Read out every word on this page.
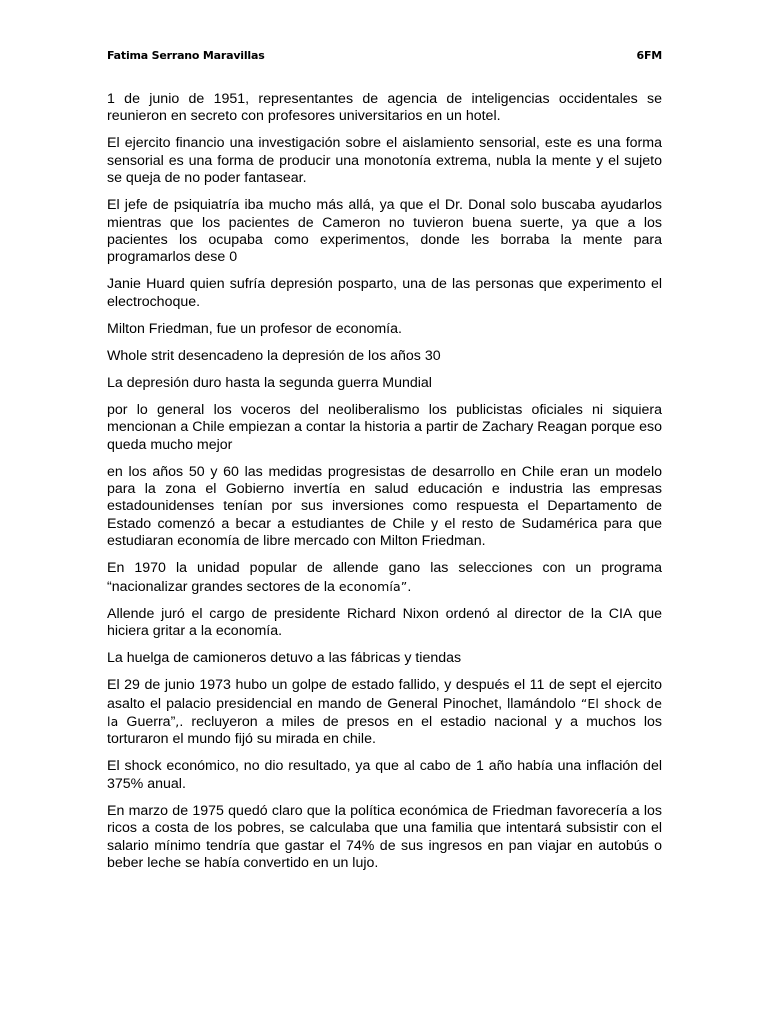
Fatima Serrano Maravillas	6FM

1 de junio de 1951, representantes de agencia de inteligencias occidentales se reunieron en secreto con profesores universitarios en un hotel.

El ejercito financio una investigación sobre el aislamiento sensorial, este es una forma sensorial es una forma de producir una monotonía extrema, nubla la mente y el sujeto se queja de no poder fantasear.

El jefe de psiquiatría iba mucho más allá, ya que el Dr. Donal solo buscaba ayudarlos mientras que los pacientes de Cameron no tuvieron buena suerte, ya que a los pacientes los ocupaba como experimentos, donde les borraba la mente para programarlos dese 0

Janie Huard quien sufría depresión posparto, una de las personas que experimento el electrochoque.

Milton Friedman, fue un profesor de economía.

Whole strit desencadeno la depresión de los años 30

La depresión duro hasta la segunda guerra Mundial

por lo general los voceros del neoliberalismo los publicistas oficiales ni siquiera mencionan a Chile empiezan a contar la historia a partir de Zachary Reagan porque eso queda mucho mejor

en los años 50 y 60 las medidas progresistas de desarrollo en Chile eran un modelo para la zona el Gobierno invertía en salud educación e industria las empresas estadounidenses tenían por sus inversiones como respuesta el Departamento de Estado comenzó a becar a estudiantes de Chile y el resto de Sudamérica para que estudiaran economía de libre mercado con Milton Friedman.

En 1970 la unidad popular de allende gano las selecciones con un programa “nacionalizar grandes sectores de la economía”.

Allende juró el cargo de presidente Richard Nixon ordenó al director de la CIA que hiciera gritar a la economía.

La huelga de camioneros detuvo a las fábricas y tiendas

El 29 de junio 1973 hubo un golpe de estado fallido, y después el 11 de sept el ejercito asalto el palacio presidencial en mando de General Pinochet, llamándolo “El shock de la Guerra”,. recluyeron a miles de presos en el estadio nacional y a muchos los torturaron el mundo fijó su mirada en chile.

El shock económico, no dio resultado, ya que al cabo de 1 año había una inflación del 375% anual.

En marzo de 1975 quedó claro que la política económica de Friedman favorecería a los ricos a costa de los pobres, se calculaba que una familia que intentará subsistir con el salario mínimo tendría que gastar el 74% de sus ingresos en pan viajar en autobús o beber leche se había convertido en un lujo.
